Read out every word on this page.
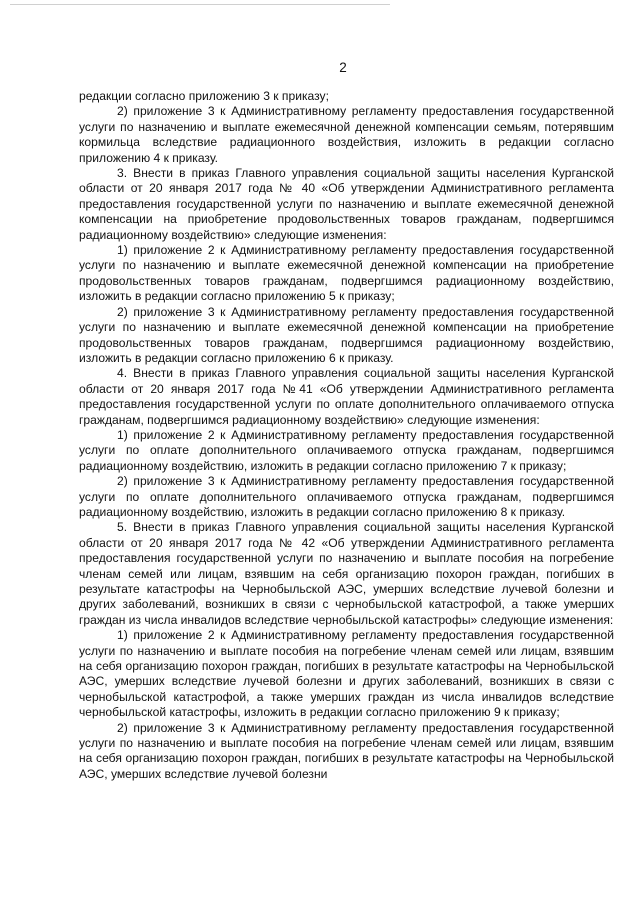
2

редакции согласно приложению 3 к приказу;

2) приложение 3 к Административному регламенту предоставления государственной услуги по назначению и выплате ежемесячной денежной компенсации семьям, потерявшим кормильца вследствие радиационного воздействия, изложить в редакции согласно приложению 4 к приказу.

3. Внести в приказ Главного управления социальной защиты населения Курганской области от 20 января 2017 года № 40 «Об утверждении Административного регламента предоставления государственной услуги по назначению и выплате ежемесячной денежной компенсации на приобретение продовольственных товаров гражданам, подвергшимся радиационному воздействию» следующие изменения:

1) приложение 2 к Административному регламенту предоставления государственной услуги по назначению и выплате ежемесячной денежной компенсации на приобретение продовольственных товаров гражданам, подвергшимся радиационному воздействию, изложить в редакции согласно приложению 5 к приказу;

2) приложение 3 к Административному регламенту предоставления государственной услуги по назначению и выплате ежемесячной денежной компенсации на приобретение продовольственных товаров гражданам, подвергшимся радиационному воздействию, изложить в редакции согласно приложению 6 к приказу.

4. Внести в приказ Главного управления социальной защиты населения Курганской области от 20 января 2017 года №41 «Об утверждении Административного регламента предоставления государственной услуги по оплате дополнительного оплачиваемого отпуска гражданам, подвергшимся радиационному воздействию» следующие изменения:

1) приложение 2 к Административному регламенту предоставления государственной услуги по оплате дополнительного оплачиваемого отпуска гражданам, подвергшимся радиационному воздействию, изложить в редакции согласно приложению 7 к приказу;

2) приложение 3 к Административному регламенту предоставления государственной услуги по оплате дополнительного оплачиваемого отпуска гражданам, подвергшимся радиационному воздействию, изложить в редакции согласно приложению 8 к приказу.

5. Внести в приказ Главного управления социальной защиты населения Курганской области от 20 января 2017 года № 42 «Об утверждении Административного регламента предоставления государственной услуги по назначению и выплате пособия на погребение членам семей или лицам, взявшим на себя организацию похорон граждан, погибших в результате катастрофы на Чернобыльской АЭС, умерших вследствие лучевой болезни и других заболеваний, возникших в связи с чернобыльской катастрофой, а также умерших граждан из числа инвалидов вследствие чернобыльской катастрофы» следующие изменения:

1) приложение 2 к Административному регламенту предоставления государственной услуги по назначению и выплате пособия на погребение членам семей или лицам, взявшим на себя организацию похорон граждан, погибших в результате катастрофы на Чернобыльской АЭС, умерших вследствие лучевой болезни и других заболеваний, возникших в связи с чернобыльской катастрофой, а также умерших граждан из числа инвалидов вследствие чернобыльской катастрофы, изложить в редакции согласно приложению 9 к приказу;

2) приложение 3 к Административному регламенту предоставления государственной услуги по назначению и выплате пособия на погребение членам семей или лицам, взявшим на себя организацию похорон граждан, погибших в результате катастрофы на Чернобыльской АЭС, умерших вследствие лучевой болезни
